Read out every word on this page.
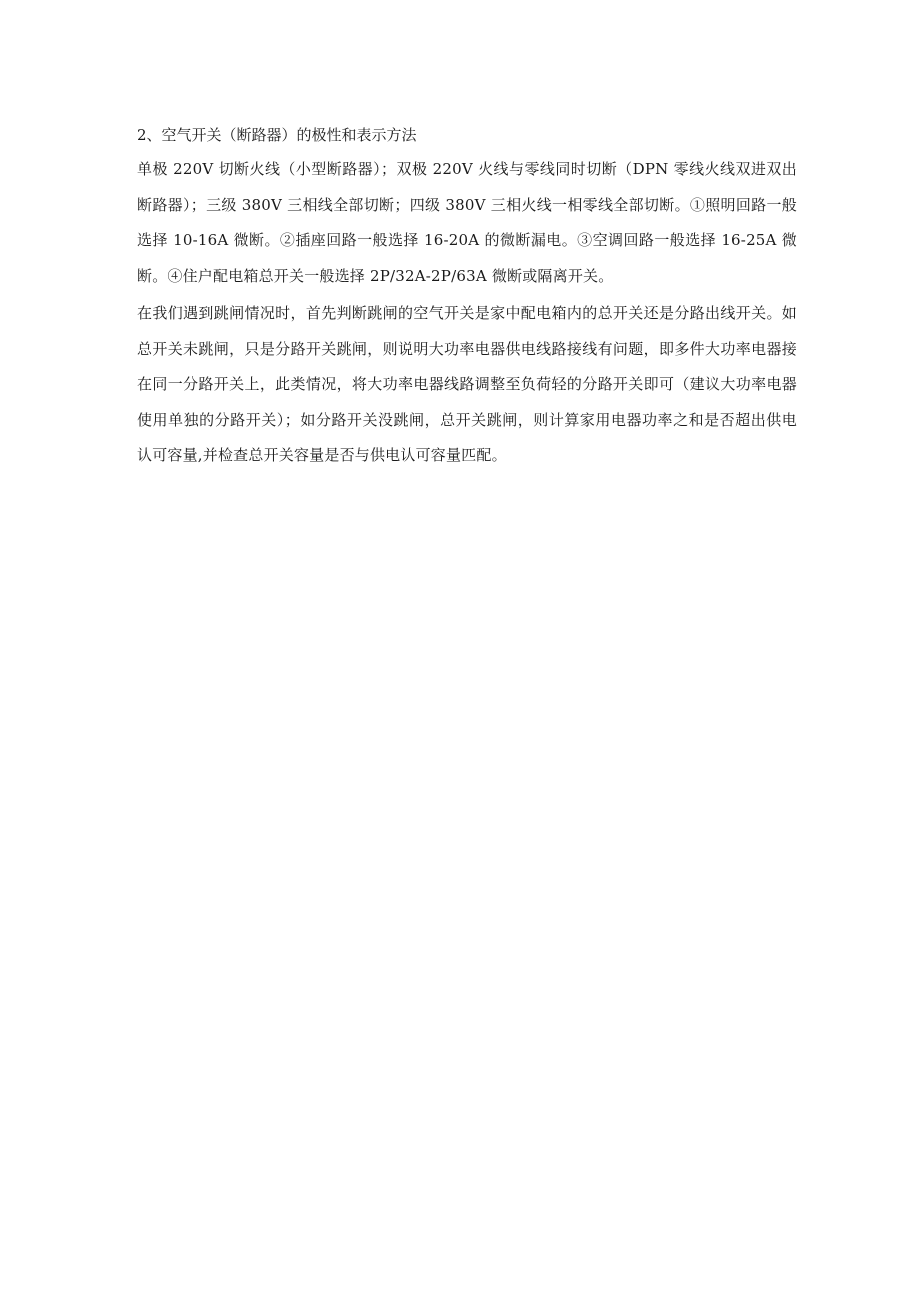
2、空气开关（断路器）的极性和表示方法

单极 220V 切断火线（小型断路器）；双极 220V 火线与零线同时切断（DPN 零线火线双进双出断路器）；三级 380V 三相线全部切断；四级 380V 三相火线一相零线全部切断。①照明回路一般选择 10-16A 微断。②插座回路一般选择 16-20A 的微断漏电。③空调回路一般选择 16-25A 微断。④住户配电箱总开关一般选择 2P/32A-2P/63A 微断或隔离开关。

在我们遇到跳闸情况时，首先判断跳闸的空气开关是家中配电箱内的总开关还是分路出线开关。如总开关未跳闸，只是分路开关跳闸，则说明大功率电器供电线路接线有问题，即多件大功率电器接在同一分路开关上，此类情况，将大功率电器线路调整至负荷轻的分路开关即可（建议大功率电器使用单独的分路开关）；如分路开关没跳闸，总开关跳闸，则计算家用电器功率之和是否超出供电认可容量,并检查总开关容量是否与供电认可容量匹配。
